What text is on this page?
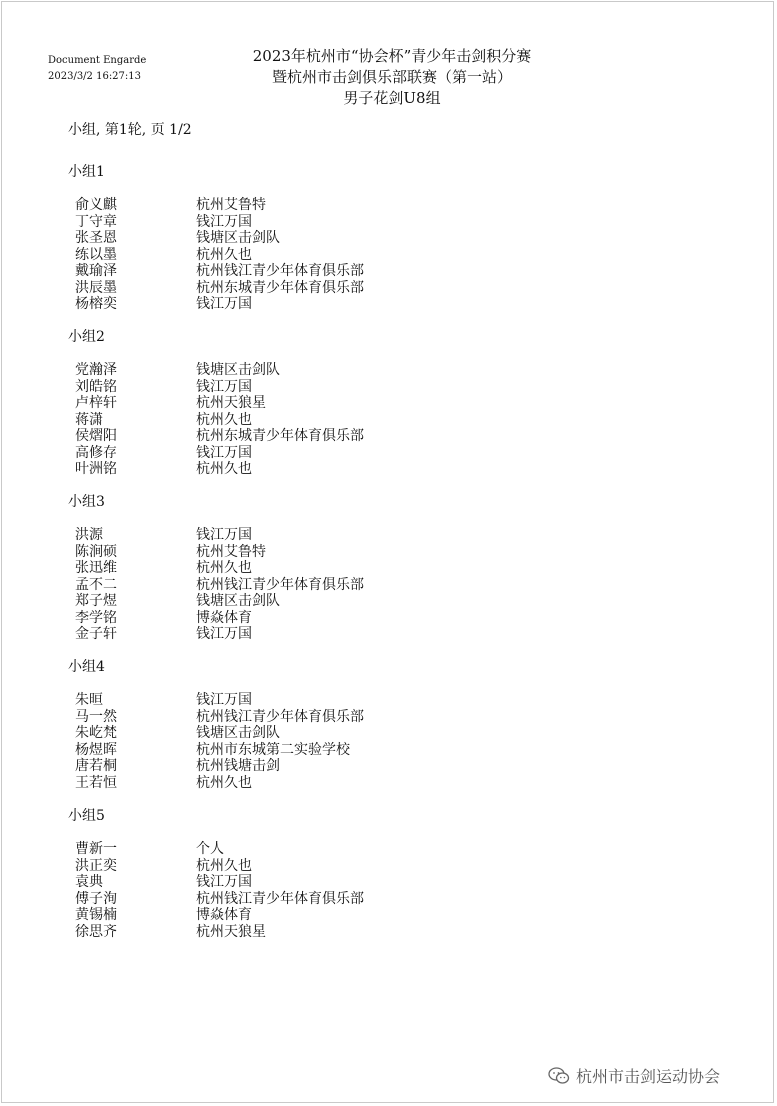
Document Engarde
2023/3/2 16:27:13
2023年杭州市“协会杯”青少年击剑积分赛
暨杭州市击剑俱乐部联赛（第一站）
男子花剑U8组
小组, 第1轮, 页 1/2
小组1
俞义麒	杭州艾鲁特
丁守章	钱江万国
张圣恩	钱塘区击剑队
练以墨	杭州久也
戴瑜泽	杭州钱江青少年体育俱乐部
洪辰墨	杭州东城青少年体育俱乐部
杨榕奕	钱江万国
小组2
党瀚泽	钱塘区击剑队
刘皓铭	钱江万国
卢梓轩	杭州天狼星
蒋潇	杭州久也
侯熠阳	杭州东城青少年体育俱乐部
高修存	钱江万国
叶洲铭	杭州久也
小组3
洪源	钱江万国
陈涧硕	杭州艾鲁特
张迅维	杭州久也
孟不二	杭州钱江青少年体育俱乐部
郑子煜	钱塘区击剑队
李学铭	博焱体育
金子轩	钱江万国
小组4
朱晅	钱江万国
马一然	杭州钱江青少年体育俱乐部
朱屹梵	钱塘区击剑队
杨煜晖	杭州市东城第二实验学校
唐若桐	杭州钱塘击剑
王若恒	杭州久也
小组5
曹新一	个人
洪正奕	杭州久也
袁典	钱江万国
傅子洵	杭州钱江青少年体育俱乐部
黄锡楠	博焱体育
徐思齐	杭州天狼星
杭州市击剑运动协会
